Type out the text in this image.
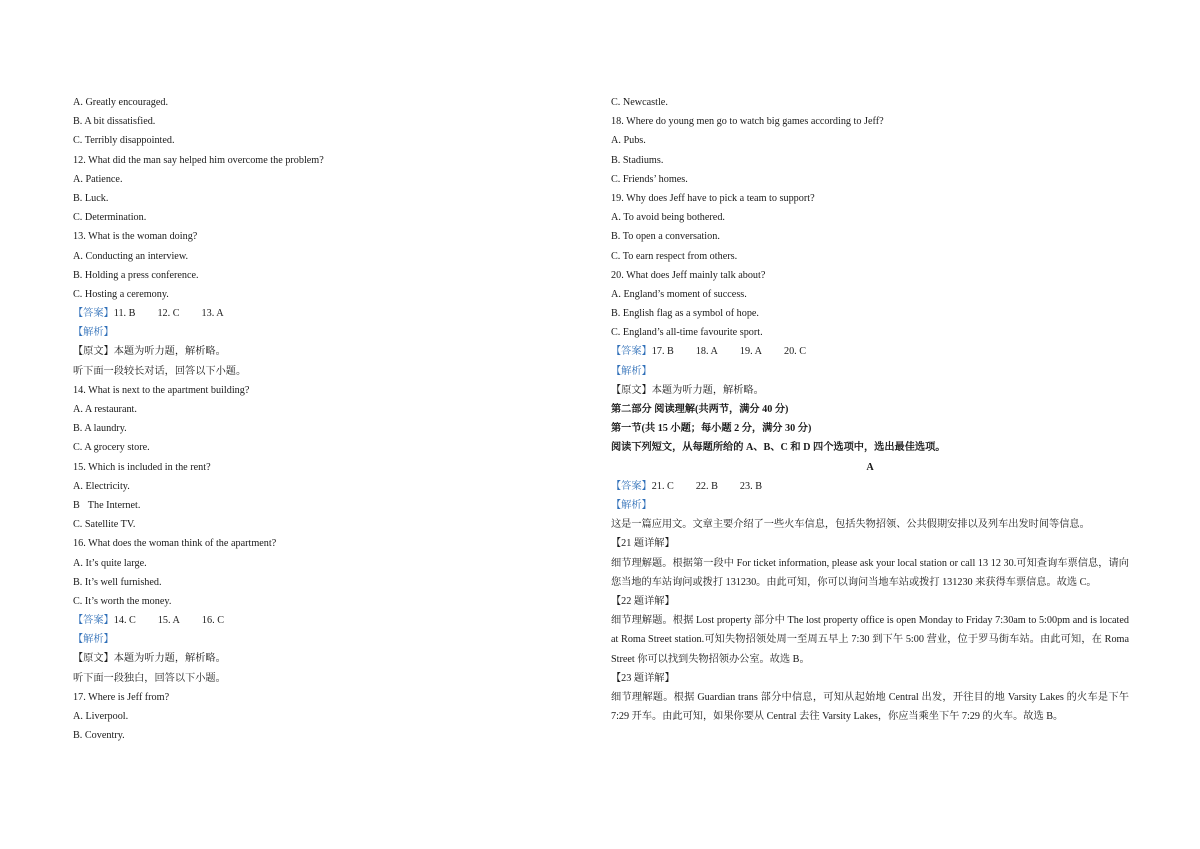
A. Greatly encouraged.
B. A bit dissatisfied.
C. Terribly disappointed.
12. What did the man say helped him overcome the problem?
A. Patience.
B. Luck.
C. Determination.
13. What is the woman doing?
A. Conducting an interview.
B. Holding a press conference.
C. Hosting a ceremony.
【答案】11. B 12. C 13. A
【解析】
【原文】本题为听力题，解析略。
听下面一段较长对话，回答以下小题。
14. What is next to the apartment building?
A. A restaurant.
B. A laundry.
C. A grocery store.
15. Which is included in the rent?
A. Electricity.
B The Internet.
C. Satellite TV.
16. What does the woman think of the apartment?
A. It’s quite large.
B. It’s well furnished.
C. It’s worth the money.
【答案】14. C 15. A 16. C
【解析】
【原文】本题为听力题，解析略。
听下面一段独白，回答以下小题。
17. Where is Jeff from?
A. Liverpool.
B. Coventry.
C. Newcastle.
18. Where do young men go to watch big games according to Jeff?
A. Pubs.
B. Stadiums.
C. Friends’ homes.
19. Why does Jeff have to pick a team to support?
A. To avoid being bothered.
B. To open a conversation.
C. To earn respect from others.
20. What does Jeff mainly talk about?
A. England’s moment of success.
B. English flag as a symbol of hope.
C. England’s all-time favourite sport.
【答案】17. B 18. A 19. A 20. C
【解析】
【原文】本题为听力题，解析略。
第二部分 阅读理解(共两节，满分 40 分)
第一节(共 15 小题；每小题 2 分，满分 30 分)
阅读下列短文，从每题所给的 A、B、C 和 D 四个选项中，选出最佳选项。
A
【答案】21. C 22. B 23. B
【解析】
这是一篇应用文。文章主要介绍了一些火车信息，包括失物招领、公共假期安排以及列车出发时间等信息。
【21 题详解】
细节理解题。根据第一段中 For ticket information, please ask your local station or call 13 12 30.可知查询车票信息，请向您当地的车站询问或拨打 131230。由此可知，你可以询问当地车站或拨打 131230 来获得车票信息。故选 C。
【22 题详解】
细节理解题。根据 Lost property 部分中 The lost property office is open Monday to Friday 7:30am to 5:00pm and is located at Roma Street station.可知失物招领处周一至周五早上 7:30 到下午 5:00 营业，位于罗马街车站。由此可知，在 Roma Street 你可以找到失物招领办公室。故选 B。
【23 题详解】
细节理解题。根据 Guardian trans 部分中信息，可知从起始地 Central 出发，开往目的地 Varsity Lakes 的火车是下午 7:29 开车。由此可知，如果你要从 Central 去往 Varsity Lakes，你应当乘坐下午 7:29 的火车。故选 B。
